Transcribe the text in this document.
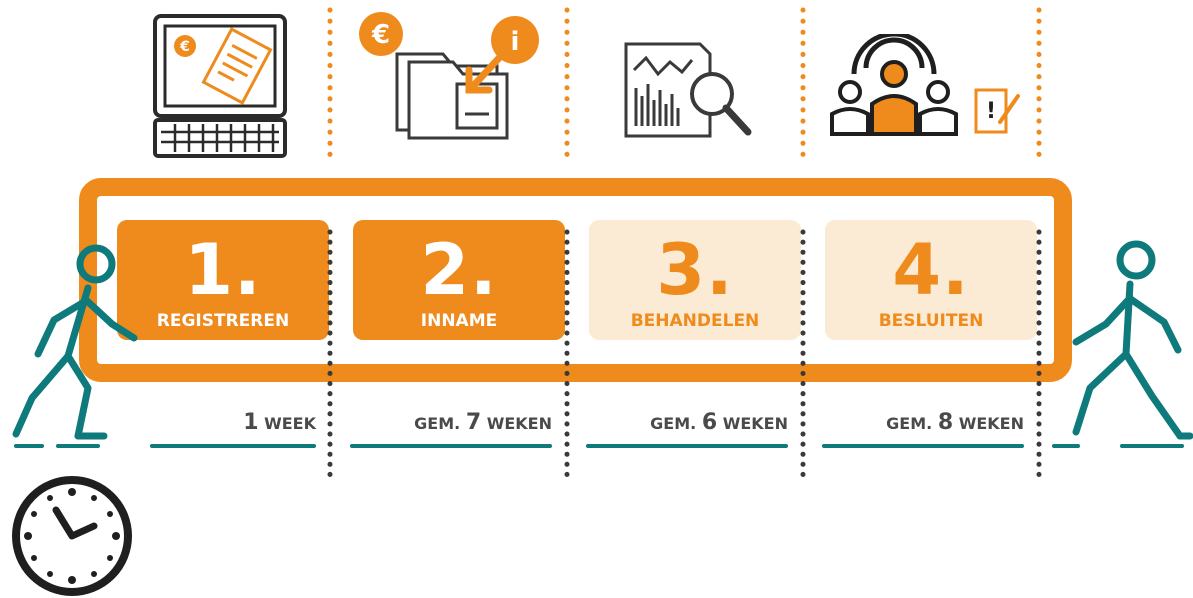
1.
REGISTREREN
2.
INNAME
3.
BEHANDELEN
4.
BESLUITEN
1 WEEK	GEM. 7 WEKEN	GEM. 6 WEKEN	GEM. 8 WEKEN
€	€	i
!
